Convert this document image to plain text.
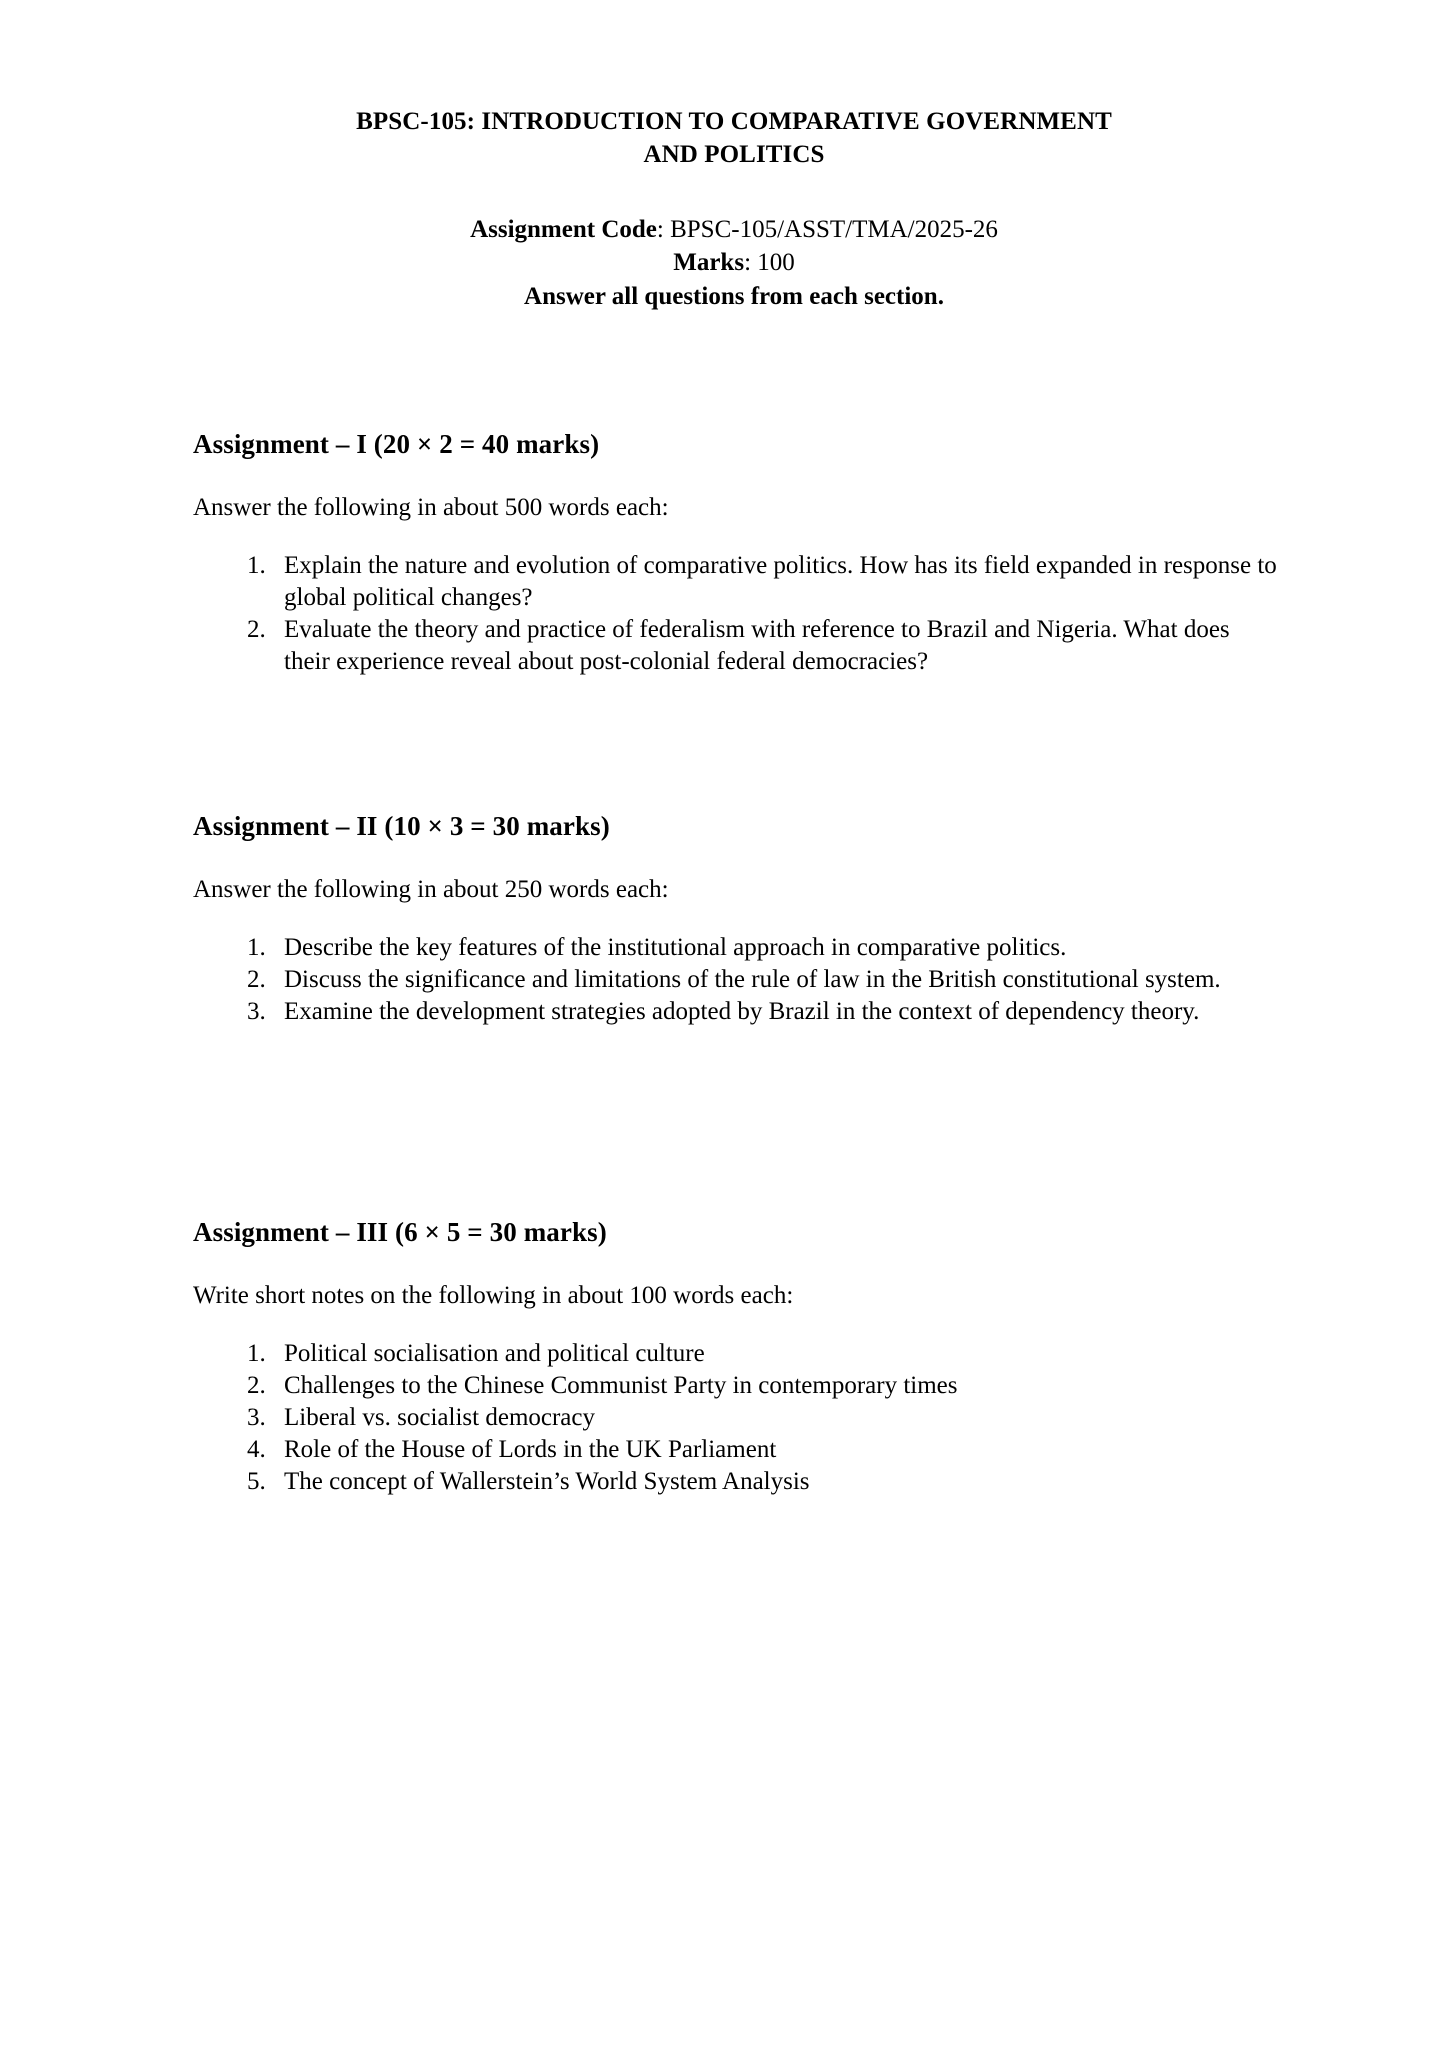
BPSC-105: INTRODUCTION TO COMPARATIVE GOVERNMENT AND POLITICS
Assignment Code: BPSC-105/ASST/TMA/2025-26
Marks: 100
Answer all questions from each section.
Assignment – I (20 × 2 = 40 marks)

Answer the following in about 500 words each:

1. Explain the nature and evolution of comparative politics. How has its field expanded in response to global political changes?
2. Evaluate the theory and practice of federalism with reference to Brazil and Nigeria. What does their experience reveal about post-colonial federal democracies?
Assignment – II (10 × 3 = 30 marks)

Answer the following in about 250 words each:

1. Describe the key features of the institutional approach in comparative politics.
2. Discuss the significance and limitations of the rule of law in the British constitutional system.
3. Examine the development strategies adopted by Brazil in the context of dependency theory.
Assignment – III (6 × 5 = 30 marks)

Write short notes on the following in about 100 words each:

1. Political socialisation and political culture
2. Challenges to the Chinese Communist Party in contemporary times
3. Liberal vs. socialist democracy
4. Role of the House of Lords in the UK Parliament
5. The concept of Wallerstein’s World System Analysis
